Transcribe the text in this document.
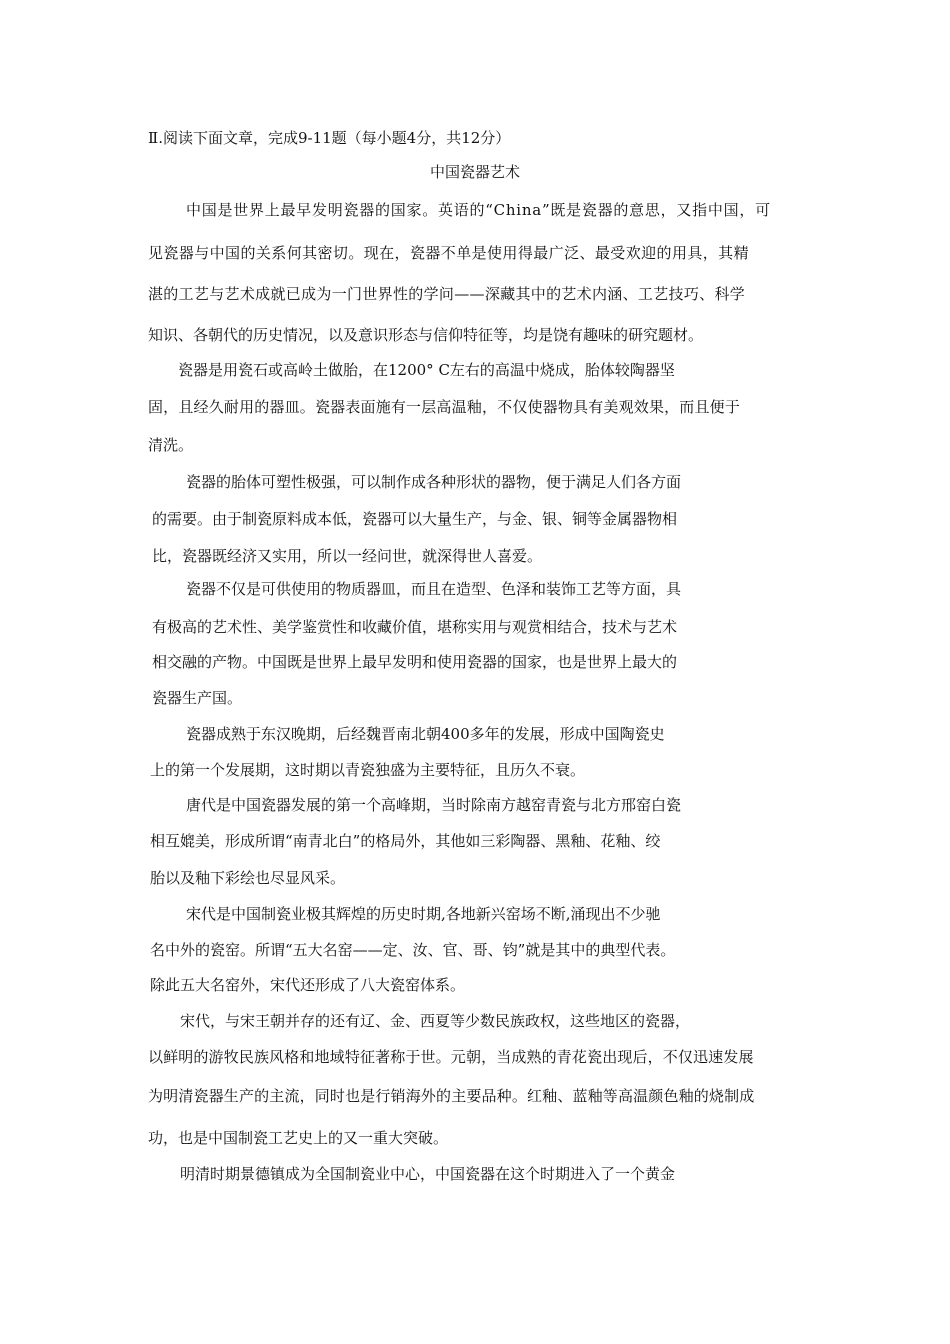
Ⅱ.阅读下面文章，完成9-11题（每小题4分，共12分）
中国瓷器艺术
中国是世界上最早发明瓷器的国家。英语的“China”既是瓷器的意思，又指中国，可
见瓷器与中国的关系何其密切。现在，瓷器不单是使用得最广泛、最受欢迎的用具，其精
湛的工艺与艺术成就已成为一门世界性的学问——深藏其中的艺术内涵、工艺技巧、科学
知识、各朝代的历史情况，以及意识形态与信仰特征等，均是饶有趣味的研究题材。
瓷器是用瓷石或高岭土做胎，在1200° C左右的高温中烧成，胎体较陶器坚
固，且经久耐用的器皿。瓷器表面施有一层高温釉，不仅使器物具有美观效果，而且便于
清洗。
瓷器的胎体可塑性极强，可以制作成各种形状的器物，便于满足人们各方面
的需要。由于制瓷原料成本低，瓷器可以大量生产，与金、银、铜等金属器物相
比，瓷器既经济又实用，所以一经问世，就深得世人喜爱。
瓷器不仅是可供使用的物质器皿，而且在造型、色泽和装饰工艺等方面，具
有极高的艺术性、美学鉴赏性和收藏价值，堪称实用与观赏相结合，技术与艺术
相交融的产物。中国既是世界上最早发明和使用瓷器的国家，也是世界上最大的
瓷器生产国。
瓷器成熟于东汉晚期，后经魏晋南北朝400多年的发展，形成中国陶瓷史
上的第一个发展期，这时期以青瓷独盛为主要特征，且历久不衰。
唐代是中国瓷器发展的第一个高峰期，当时除南方越窑青瓷与北方邢窑白瓷
相互媲美，形成所谓“南青北白”的格局外，其他如三彩陶器、黑釉、花釉、绞
胎以及釉下彩绘也尽显风采。
宋代是中国制瓷业极其辉煌的历史时期,各地新兴窑场不断,涌现出不少驰
名中外的瓷窑。所谓“五大名窑——定、汝、官、哥、钧”就是其中的典型代表。
除此五大名窑外，宋代还形成了八大瓷窑体系。
宋代，与宋王朝并存的还有辽、金、西夏等少数民族政权，这些地区的瓷器，
以鲜明的游牧民族风格和地域特征著称于世。元朝，当成熟的青花瓷出现后，不仅迅速发展
为明清瓷器生产的主流，同时也是行销海外的主要品种。红釉、蓝釉等高温颜色釉的烧制成
功，也是中国制瓷工艺史上的又一重大突破。
明清时期景德镇成为全国制瓷业中心，中国瓷器在这个时期进入了一个黄金
